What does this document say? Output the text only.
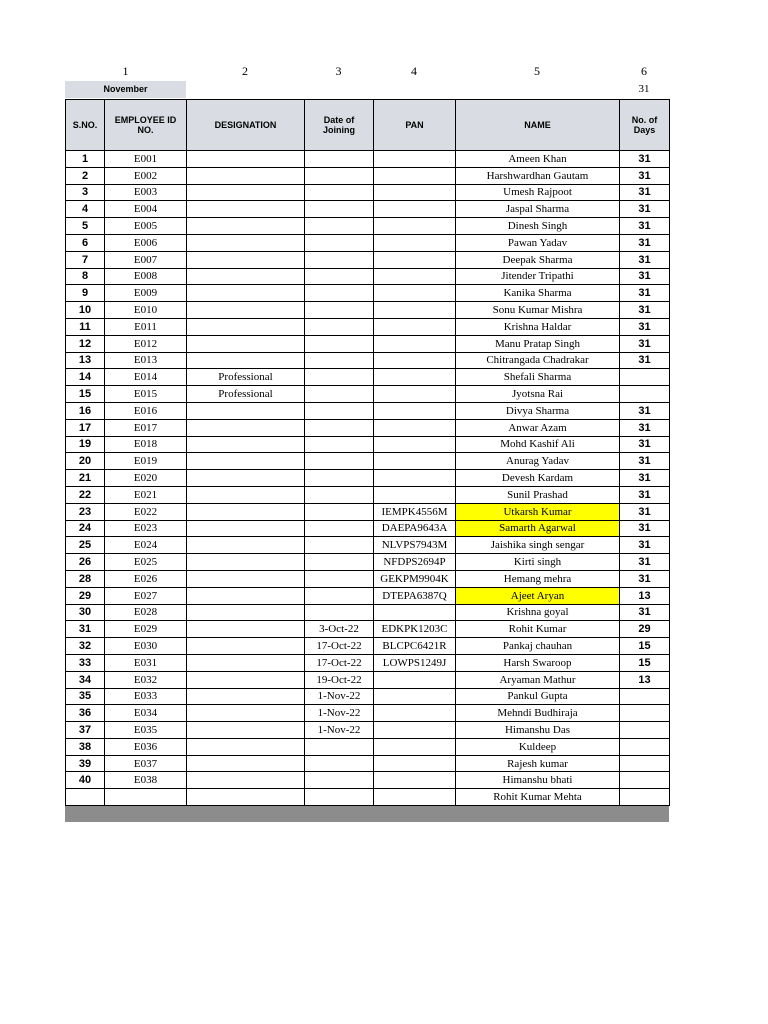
1	2	3	4	5	6
November	31
S.NO.	EMPLOYEE ID NO.	DESIGNATION	Date of Joining	PAN	NAME	No. of Days
1	E001				Ameen Khan	31
2	E002				Harshwardhan Gautam	31
3	E003				Umesh Rajpoot	31
4	E004				Jaspal Sharma	31
5	E005				Dinesh Singh	31
6	E006				Pawan Yadav	31
7	E007				Deepak Sharma	31
8	E008				Jitender Tripathi	31
9	E009				Kanika Sharma	31
10	E010				Sonu Kumar Mishra	31
11	E011				Krishna Haldar	31
12	E012				Manu Pratap Singh	31
13	E013				Chitrangada Chadrakar	31
14	E014	Professional			Shefali Sharma	
15	E015	Professional			Jyotsna Rai	
16	E016				Divya Sharma	31
17	E017				Anwar Azam	31
19	E018				Mohd Kashif Ali	31
20	E019				Anurag Yadav	31
21	E020				Devesh Kardam	31
22	E021				Sunil Prashad	31
23	E022			IEMPK4556M	Utkarsh Kumar	31
24	E023			DAEPA9643A	Samarth Agarwal	31
25	E024			NLVPS7943M	Jaishika singh sengar	31
26	E025			NFDPS2694P	Kirti singh	31
28	E026			GEKPM9904K	Hemang mehra	31
29	E027			DTEPA6387Q	Ajeet Aryan	13
30	E028				Krishna goyal	31
31	E029		3-Oct-22	EDKPK1203C	Rohit Kumar	29
32	E030		17-Oct-22	BLCPC6421R	Pankaj chauhan	15
33	E031		17-Oct-22	LOWPS1249J	Harsh Swaroop	15
34	E032		19-Oct-22		Aryaman Mathur	13
35	E033		1-Nov-22		Pankul Gupta	
36	E034		1-Nov-22		Mehndi Budhiraja	
37	E035		1-Nov-22		Himanshu Das	
38	E036				Kuldeep	
39	E037				Rajesh kumar	
40	E038				Himanshu bhati	
					Rohit Kumar Mehta	
